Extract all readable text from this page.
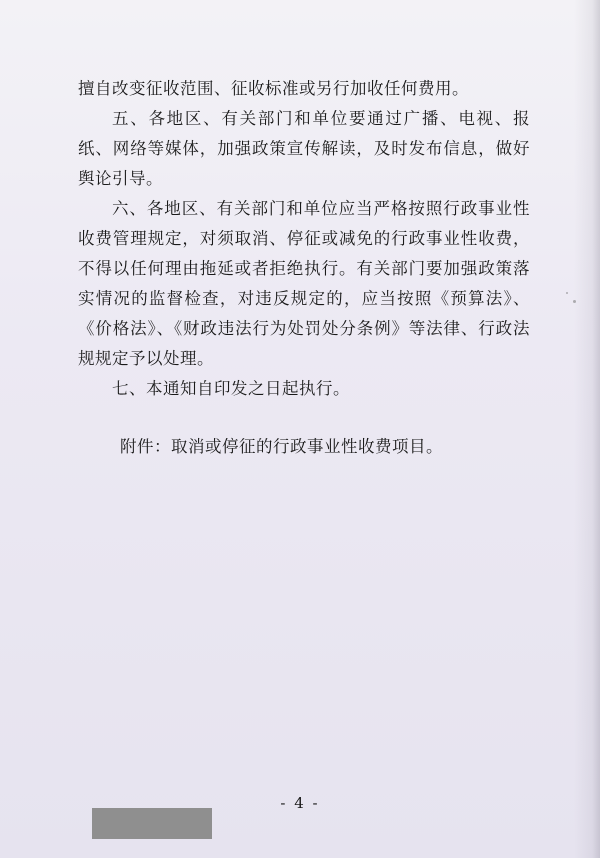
擅自改变征收范围、征收标准或另行加收任何费用。

五、各地区、有关部门和单位要通过广播、电视、报纸、网络等媒体，加强政策宣传解读，及时发布信息，做好舆论引导。

六、各地区、有关部门和单位应当严格按照行政事业性收费管理规定，对须取消、停征或减免的行政事业性收费，不得以任何理由拖延或者拒绝执行。有关部门要加强政策落实情况的监督检查，对违反规定的，应当按照《预算法》、《价格法》、《财政违法行为处罚处分条例》等法律、行政法规规定予以处理。

七、本通知自印发之日起执行。

附件：取消或停征的行政事业性收费项目。

- 4 -
